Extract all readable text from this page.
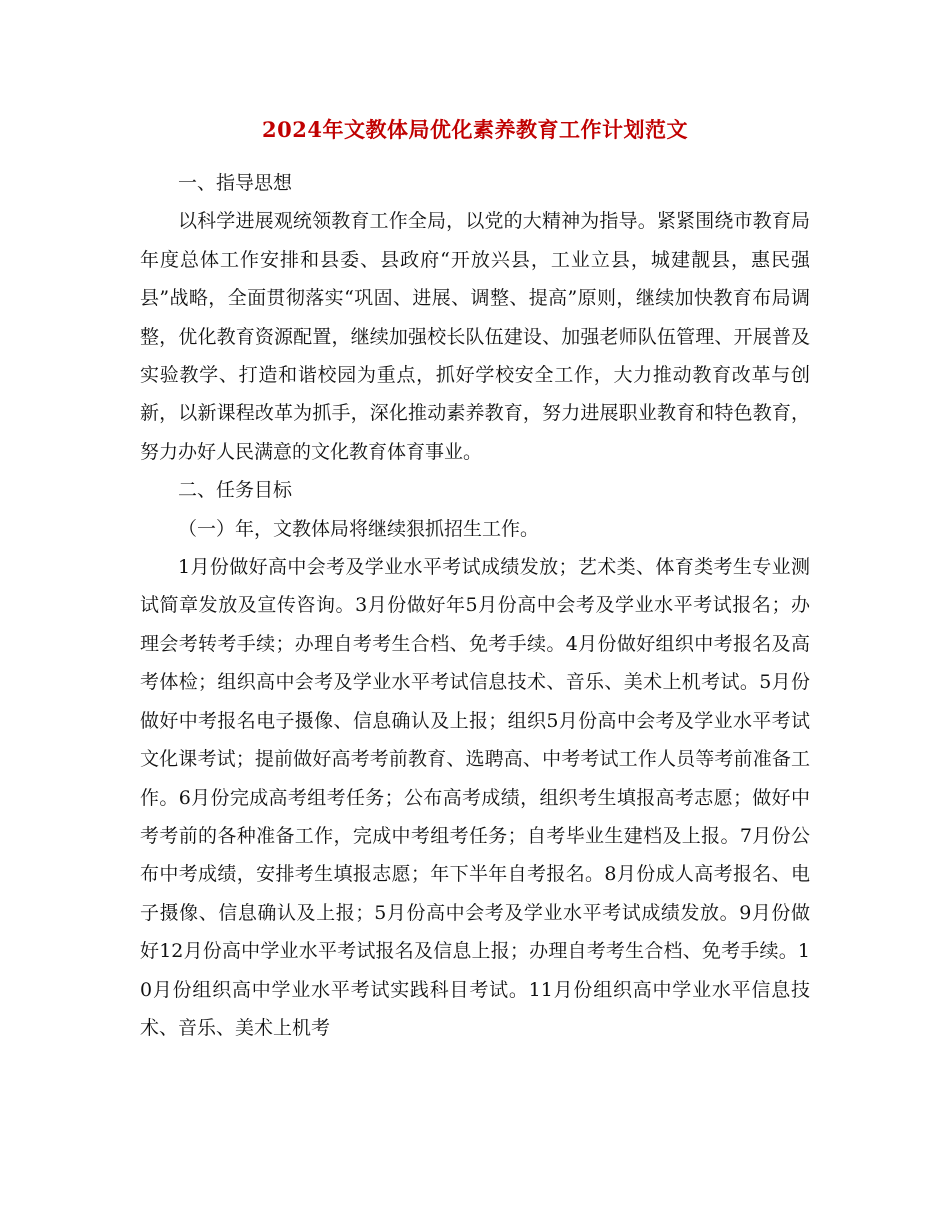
2024年文教体局优化素养教育工作计划范文

一、指导思想

以科学进展观统领教育工作全局，以党的大精神为指导。紧紧围绕市教育局年度总体工作安排和县委、县政府“开放兴县，工业立县，城建靓县，惠民强县”战略，全面贯彻落实“巩固、进展、调整、提高”原则，继续加快教育布局调整，优化教育资源配置，继续加强校长队伍建设、加强老师队伍管理、开展普及实验教学、打造和谐校园为重点，抓好学校安全工作，大力推动教育改革与创新，以新课程改革为抓手，深化推动素养教育，努力进展职业教育和特色教育，努力办好人民满意的文化教育体育事业。

二、任务目标

（一）年，文教体局将继续狠抓招生工作。

1月份做好高中会考及学业水平考试成绩发放；艺术类、体育类考生专业测试简章发放及宣传咨询。3月份做好年5月份高中会考及学业水平考试报名；办理会考转考手续；办理自考考生合档、免考手续。4月份做好组织中考报名及高考体检；组织高中会考及学业水平考试信息技术、音乐、美术上机考试。5月份做好中考报名电子摄像、信息确认及上报；组织5月份高中会考及学业水平考试文化课考试；提前做好高考考前教育、选聘高、中考考试工作人员等考前准备工作。6月份完成高考组考任务；公布高考成绩，组织考生填报高考志愿；做好中考考前的各种准备工作，完成中考组考任务；自考毕业生建档及上报。7月份公布中考成绩，安排考生填报志愿；年下半年自考报名。8月份成人高考报名、电子摄像、信息确认及上报；5月份高中会考及学业水平考试成绩发放。9月份做好12月份高中学业水平考试报名及信息上报；办理自考考生合档、免考手续。10月份组织高中学业水平考试实践科目考试。11月份组织高中学业水平信息技术、音乐、美术上机考
